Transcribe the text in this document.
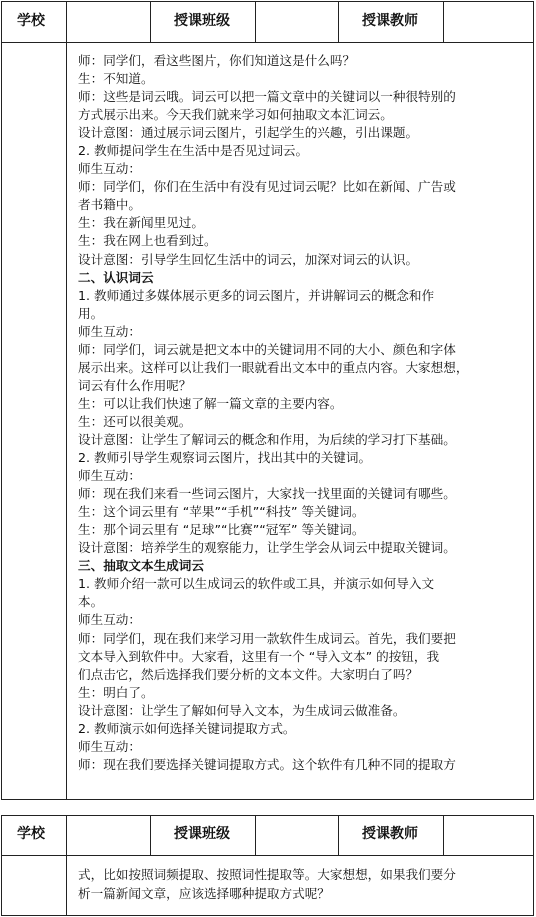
学校	授课班级	授课教师

师：同学们，看这些图片，你们知道这是什么吗？

生：不知道。

师：这些是词云哦。词云可以把一篇文章中的关键词以一种很特别的

方式展示出来。今天我们就来学习如何抽取文本汇词云。

设计意图：通过展示词云图片，引起学生的兴趣，引出课题。

2. 教师提问学生在生活中是否见过词云。

师生互动：

师：同学们，你们在生活中有没有见过词云呢？比如在新闻、广告或

者书籍中。

生：我在新闻里见过。

生：我在网上也看到过。

设计意图：引导学生回忆生活中的词云，加深对词云的认识。

二、认识词云

1. 教师通过多媒体展示更多的词云图片，并讲解词云的概念和作

用。

师生互动：

师：同学们，词云就是把文本中的关键词用不同的大小、颜色和字体

展示出来。这样可以让我们一眼就看出文本中的重点内容。大家想想，

词云有什么作用呢？

生：可以让我们快速了解一篇文章的主要内容。

生：还可以很美观。

设计意图：让学生了解词云的概念和作用，为后续的学习打下基础。

2. 教师引导学生观察词云图片，找出其中的关键词。

师生互动：

师：现在我们来看一些词云图片，大家找一找里面的关键词有哪些。

生：这个词云里有 “苹果”“手机”“科技” 等关键词。

生：那个词云里有 “足球”“比赛”“冠军” 等关键词。

设计意图：培养学生的观察能力，让学生学会从词云中提取关键词。

三、抽取文本生成词云

1. 教师介绍一款可以生成词云的软件或工具，并演示如何导入文

本。

师生互动：

师：同学们，现在我们来学习用一款软件生成词云。首先，我们要把

文本导入到软件中。大家看，这里有一个 “导入文本” 的按钮，我

们点击它，然后选择我们要分析的文本文件。大家明白了吗？

生：明白了。

设计意图：让学生了解如何导入文本，为生成词云做准备。

2. 教师演示如何选择关键词提取方式。

师生互动：

师：现在我们要选择关键词提取方式。这个软件有几种不同的提取方

学校	授课班级	授课教师

式，比如按照词频提取、按照词性提取等。大家想想，如果我们要分

析一篇新闻文章，应该选择哪种提取方式呢？
